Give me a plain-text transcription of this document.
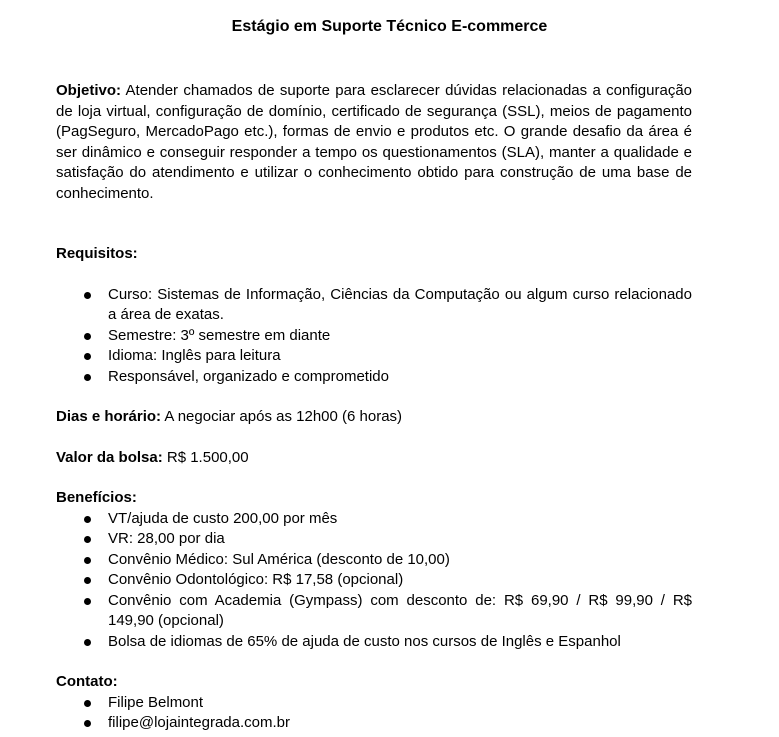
Estágio em Suporte Técnico E-commerce

Objetivo: Atender chamados de suporte para esclarecer dúvidas relacionadas a configuração de loja virtual, configuração de domínio, certificado de segurança (SSL), meios de pagamento (PagSeguro, MercadoPago etc.), formas de envio e produtos etc. O grande desafio da área é ser dinâmico e conseguir responder a tempo os questionamentos (SLA), manter a qualidade e satisfação do atendimento e utilizar o conhecimento obtido para construção de uma base de conhecimento.

Requisitos:

Curso: Sistemas de Informação, Ciências da Computação ou algum curso relacionado a área de exatas.
Semestre: 3º semestre em diante
Idioma: Inglês para leitura
Responsável, organizado e comprometido

Dias e horário: A negociar após as 12h00 (6 horas)

Valor da bolsa: R$ 1.500,00

Benefícios:

VT/ajuda de custo 200,00 por mês
VR: 28,00 por dia
Convênio Médico: Sul América (desconto de 10,00)
Convênio Odontológico: R$ 17,58 (opcional)
Convênio com Academia (Gympass) com desconto de: R$ 69,90 / R$ 99,90 / R$ 149,90 (opcional)
Bolsa de idiomas de 65% de ajuda de custo nos cursos de Inglês e Espanhol

Contato:

Filipe Belmont
filipe@lojaintegrada.com.br
